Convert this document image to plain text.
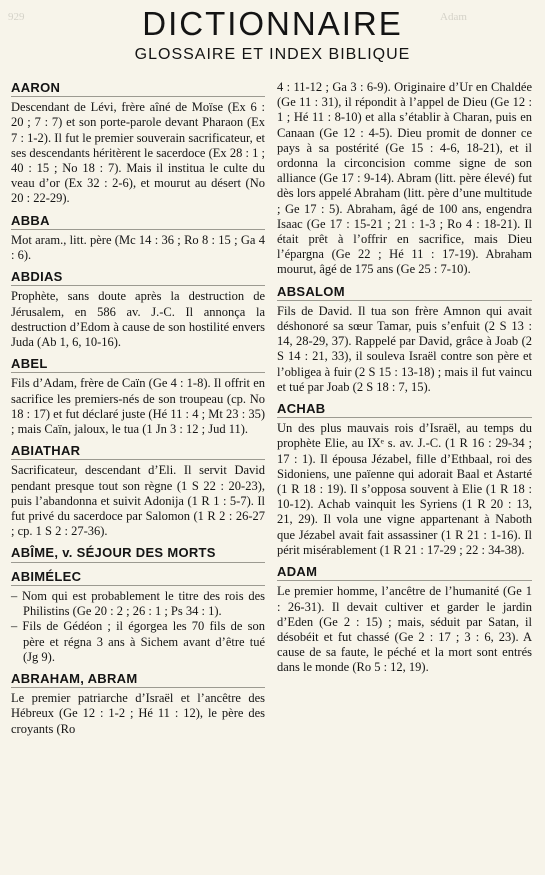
929	Adam
DICTIONNAIRE
GLOSSAIRE ET INDEX BIBLIQUE
AARON
Descendant de Lévi, frère aîné de Moïse (Ex 6 : 20 ; 7 : 7) et son porte-parole devant Pharaon (Ex 7 : 1-2). Il fut le premier souverain sacrificateur, et ses descendants héritèrent le sacerdoce (Ex 28 : 1 ; 40 : 15 ; No 18 : 7). Mais il institua le culte du veau d’or (Ex 32 : 2-6), et mourut au désert (No 20 : 22-29).
ABBA
Mot aram., litt. père (Mc 14 : 36 ; Ro 8 : 15 ; Ga 4 : 6).
ABDIAS
Prophète, sans doute après la destruction de Jérusalem, en 586 av. J.-C. Il annonça la destruction d’Edom à cause de son hostilité envers Juda (Ab 1, 6, 10-16).
ABEL
Fils d’Adam, frère de Caïn (Ge 4 : 1-8). Il offrit en sacrifice les premiers-nés de son troupeau (cp. No 18 : 17) et fut déclaré juste (Hé 11 : 4 ; Mt 23 : 35) ; mais Caïn, jaloux, le tua (1 Jn 3 : 12 ; Jud 11).
ABIATHAR
Sacrificateur, descendant d’Eli. Il servit David pendant presque tout son règne (1 S 22 : 20-23), puis l’abandonna et suivit Adonija (1 R 1 : 5-7). Il fut privé du sacerdoce par Salomon (1 R 2 : 26-27 ; cp. 1 S 2 : 27-36).
ABÎME, v. SÉJOUR DES MORTS
ABIMÉLEC
– Nom qui est probablement le titre des rois des Philistins (Ge 20 : 2 ; 26 : 1 ; Ps 34 : 1).
– Fils de Gédéon ; il égorgea les 70 fils de son père et régna 3 ans à Sichem avant d’être tué (Jg 9).
ABRAHAM, ABRAM
Le premier patriarche d’Israël et l’ancêtre des Hébreux (Ge 12 : 1-2 ; Hé 11 : 12), le père des croyants (Ro
4 : 11-12 ; Ga 3 : 6-9). Originaire d’Ur en Chaldée (Ge 11 : 31), il répondit à l’appel de Dieu (Ge 12 : 1 ; Hé 11 : 8-10) et alla s’établir à Charan, puis en Canaan (Ge 12 : 4-5). Dieu promit de donner ce pays à sa postérité (Ge 15 : 4-6, 18-21), et il ordonna la circoncision comme signe de son alliance (Ge 17 : 9-14). Abram (litt. père élevé) fut dès lors appelé Abraham (litt. père d’une multitude ; Ge 17 : 5). Abraham, âgé de 100 ans, engendra Isaac (Ge 17 : 15-21 ; 21 : 1-3 ; Ro 4 : 18-21). Il était prêt à l’offrir en sacrifice, mais Dieu l’épargna (Ge 22 ; Hé 11 : 17-19). Abraham mourut, âgé de 175 ans (Ge 25 : 7-10).
ABSALOM
Fils de David. Il tua son frère Amnon qui avait déshonoré sa sœur Tamar, puis s’enfuit (2 S 13 : 14, 28-29, 37). Rappelé par David, grâce à Joab (2 S 14 : 21, 33), il souleva Israël contre son père et l’obligea à fuir (2 S 15 : 13-18) ; mais il fut vaincu et tué par Joab (2 S 18 : 7, 15).
ACHAB
Un des plus mauvais rois d’Israël, au temps du prophète Elie, au IXᵉ s. av. J.-C. (1 R 16 : 29-34 ; 17 : 1). Il épousa Jézabel, fille d’Ethbaal, roi des Sidoniens, une païenne qui adorait Baal et Astarté (1 R 18 : 19). Il s’opposa souvent à Elie (1 R 18 : 10-12). Achab vainquit les Syriens (1 R 20 : 13, 21, 29). Il vola une vigne appartenant à Naboth que Jézabel avait fait assassiner (1 R 21 : 1-16). Il périt misérablement (1 R 21 : 17-29 ; 22 : 34-38).
ADAM
Le premier homme, l’ancêtre de l’humanité (Ge 1 : 26-31). Il devait cultiver et garder le jardin d’Eden (Ge 2 : 15) ; mais, séduit par Satan, il désobéit et fut chassé (Ge 2 : 17 ; 3 : 6, 23). A cause de sa faute, le péché et la mort sont entrés dans le monde (Ro 5 : 12, 19).
